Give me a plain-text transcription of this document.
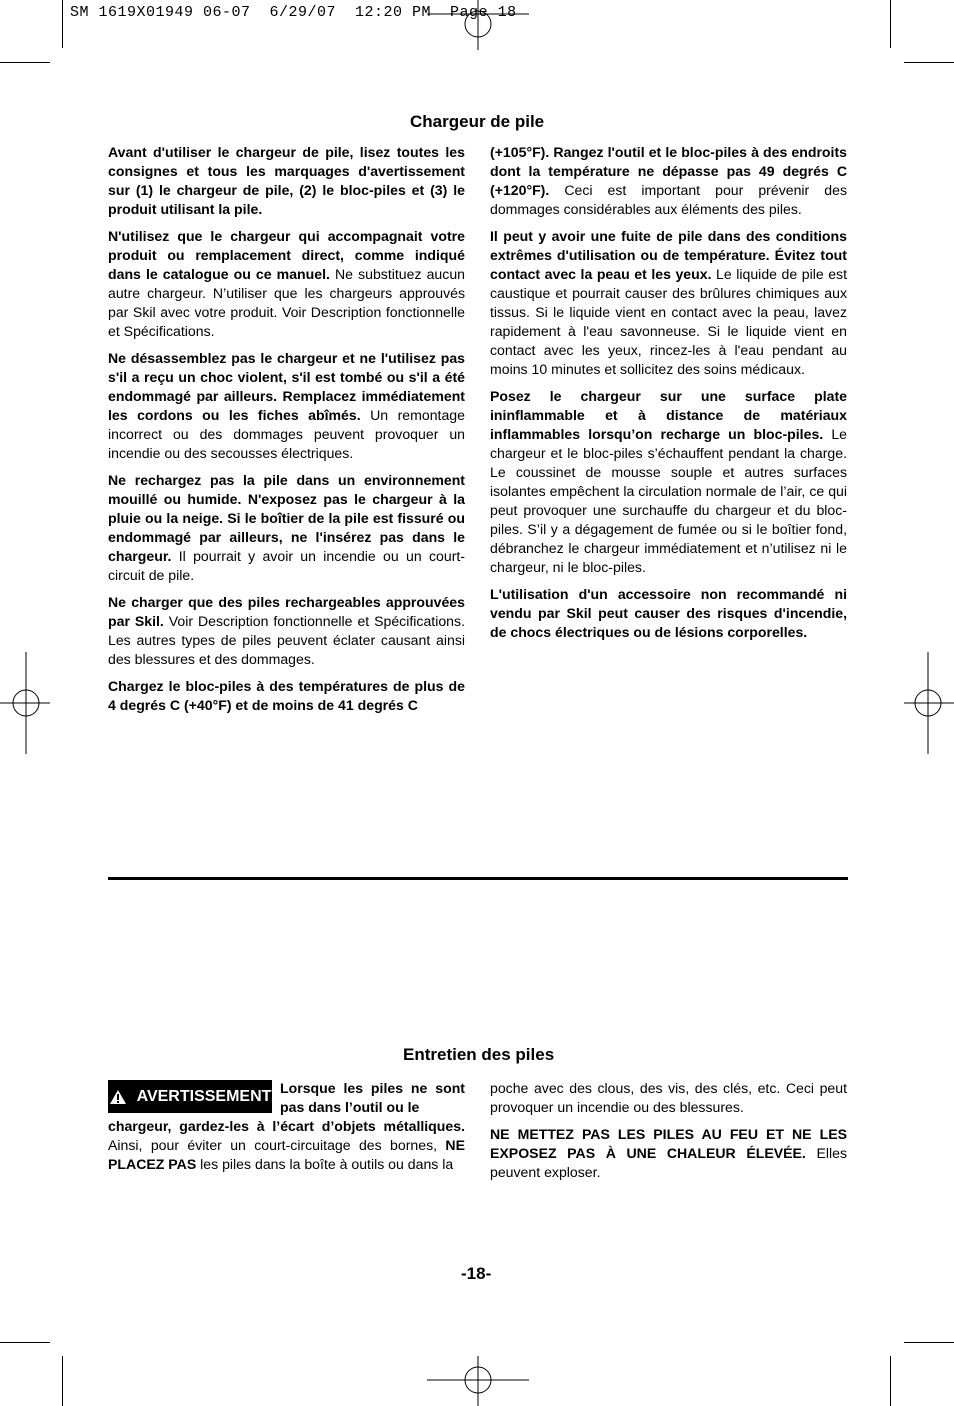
SM 1619X01949 06-07  6/29/07  12:20 PM  Page 18
Chargeur de pile

Avant d'utiliser le chargeur de pile, lisez toutes les consignes et tous les marquages d'avertissement sur (1) le chargeur de pile, (2) le bloc-piles et (3) le produit utilisant la pile.

N'utilisez que le chargeur qui accompagnait votre produit ou remplacement direct, comme indiqué dans le catalogue ou ce manuel. Ne substituez aucun autre chargeur. N’utiliser que les chargeurs approuvés par Skil avec votre produit. Voir Description fonctionnelle et Spécifications.

Ne désassemblez pas le chargeur et ne l'utilisez pas s'il a reçu un choc violent, s'il est tombé ou s'il a été endommagé par ailleurs. Remplacez immédiatement les cordons ou les fiches abîmés. Un remontage incorrect ou des dommages peuvent provoquer un incendie ou des secousses électriques.

Ne rechargez pas la pile dans un environnement mouillé ou humide. N'exposez pas le chargeur à la pluie ou la neige. Si le boîtier de la pile est fissuré ou endommagé par ailleurs, ne l'insérez pas dans le chargeur. Il pourrait y avoir un incendie ou un court-circuit de pile.

Ne charger que des piles rechargeables approuvées par Skil. Voir Description fonctionnelle et Spécifications. Les autres types de piles peuvent éclater causant ainsi des blessures et des dommages.

Chargez le bloc-piles à des températures de plus de 4 degrés C (+40°F) et de moins de 41 degrés C

(+105°F). Rangez l'outil et le bloc-piles à des endroits dont la température ne dépasse pas 49 degrés C (+120°F). Ceci est important pour prévenir des dommages considérables aux éléments des piles.

Il peut y avoir une fuite de pile dans des conditions extrêmes d'utilisation ou de température. Évitez tout contact avec la peau et les yeux. Le liquide de pile est caustique et pourrait causer des brûlures chimiques aux tissus. Si le liquide vient en contact avec la peau, lavez rapidement à l'eau savonneuse. Si le liquide vient en contact avec les yeux, rincez-les à l'eau pendant au moins 10 minutes et sollicitez des soins médicaux.

Posez le chargeur sur une surface plate ininflammable et à distance de matériaux inflammables lorsqu’on recharge un bloc-piles. Le chargeur et le bloc-piles s’échauffent pendant la charge. Le coussinet de mousse souple et autres surfaces isolantes empêchent la circulation normale de l’air, ce qui peut provoquer une surchauffe du chargeur et du bloc-piles. S’il y a dégagement de fumée ou si le boîtier fond, débranchez le chargeur immédiatement et n’utilisez ni le chargeur, ni le bloc-piles.

L'utilisation d'un accessoire non recommandé ni vendu par Skil peut causer des risques d'incendie, de chocs électriques ou de lésions corporelles.

Entretien des piles
AVERTISSEMENT Lorsque les piles ne sont pas dans l’outil ou le

chargeur, gardez-les à l’écart d’objets métalliques. Ainsi, pour éviter un court-circuitage des bornes, NE PLACEZ PAS les piles dans la boîte à outils ou dans la

poche avec des clous, des vis, des clés, etc. Ceci peut provoquer un incendie ou des blessures.

NE METTEZ PAS LES PILES AU FEU ET NE LES EXPOSEZ PAS À UNE CHALEUR ÉLEVÉE. Elles peuvent exploser.

-18-
